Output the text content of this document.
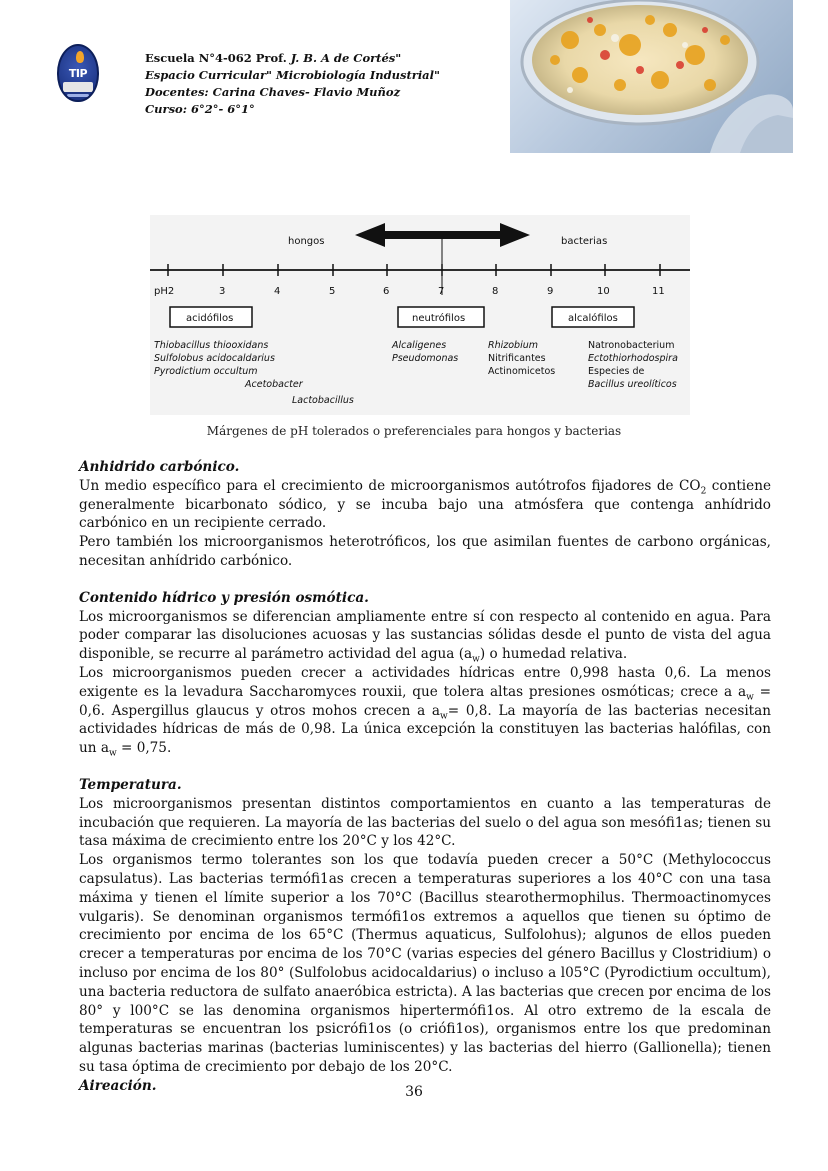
ТІР
Escuela N°4-062 Prof. J. B. A de Cortés"
Espacio Curricular" Microbiología Industrial"
Docentes: Carina Chaves- Flavio Muñoz
Curso: 6°2°- 6°1°
hongos	bacterias
pH2	3	4	5	6	7	8	9	10	11
acidófilos	neutrófilos	alcalófilos
Thiobacillus thiooxidans
Sulfolobus acidocaldarius
Pyrodictium occultum
Acetobacter
Lactobacillus
Alcaligenes
Pseudomonas
Rhizobium
Nitrificantes
Actinomicetos
Natronobacterium
Ectothiorhodospira
Especies de
Bacillus ureolíticos
Márgenes de pH tolerados o preferenciales para hongos y bacterias
Anhidrido carbónico.

Un medio específico para el crecimiento de microorganismos autótrofos fijadores de $CO_2$ contiene generalmente bicarbonato sódico, y se incuba bajo una atmósfera que contenga anhídrido carbónico en un recipiente cerrado.

Pero también los microorganismos heterotróficos, los que asimilan fuentes de carbono orgánicas, necesitan anhídrido carbónico.

Contenido hídrico y presión osmótica.

Los microorganismos se diferencian ampliamente entre sí con respecto al contenido en agua. Para poder comparar las disoluciones acuosas y las sustancias sólidas desde el punto de vista del agua disponible, se recurre al parámetro actividad del agua $(a_w)$ o humedad relativa.

Los microorganismos pueden crecer a actividades hídricas entre 0,998 hasta 0,6. La menos exigente es la levadura Saccharomyces rouxii, que tolera altas presiones osmóticas; crece a $a_w = 0,6$. Aspergillus glaucus y otros mohos crecen a $a_w= 0,8$. La mayoría de las bacterias necesitan actividades hídricas de más de 0,98. La única excepción la constituyen las bacterias halófilas, con un $a_w = 0,75$.

Temperatura.

Los microorganismos presentan distintos comportamientos en cuanto a las temperaturas de incubación que requieren. La mayoría de las bacterias del suelo o del agua son mesófi1as; tienen su tasa máxima de crecimiento entre los 20°C y los 42°C.

Los organismos termo tolerantes son los que todavía pueden crecer a 50°C (Methylococcus capsulatus). Las bacterias termófi1as crecen a temperaturas superiores a los 40°C con una tasa máxima y tienen el límite superior a los 70°C (Bacillus stearothermophilus. Thermoactinomyces vulgaris). Se denominan organismos termófi1os extremos a aquellos que tienen su óptimo de crecimiento por encima de los 65°C (Thermus aquaticus, Sulfolohus); algunos de ellos pueden crecer a temperaturas por encima de los 70°C (varias especies del género Bacillus y Clostridium) o incluso por encima de los 80° (Sulfolobus acidocaldarius) o incluso a l05°C (Pyrodictium occultum), una bacteria reductora de sulfato anaeróbica estricta). A las bacterias que crecen por encima de los 80° y l00°C se las denomina organismos hipertermófi1os. Al otro extremo de la escala de temperaturas se encuentran los psicrófi1os (o criófi1os), organismos entre los que predominan algunas bacterias marinas (bacterias luminiscentes) y las bacterias del hierro (Gallionella); tienen su tasa óptima de crecimiento por debajo de los 20°C.

Aireación.	36
